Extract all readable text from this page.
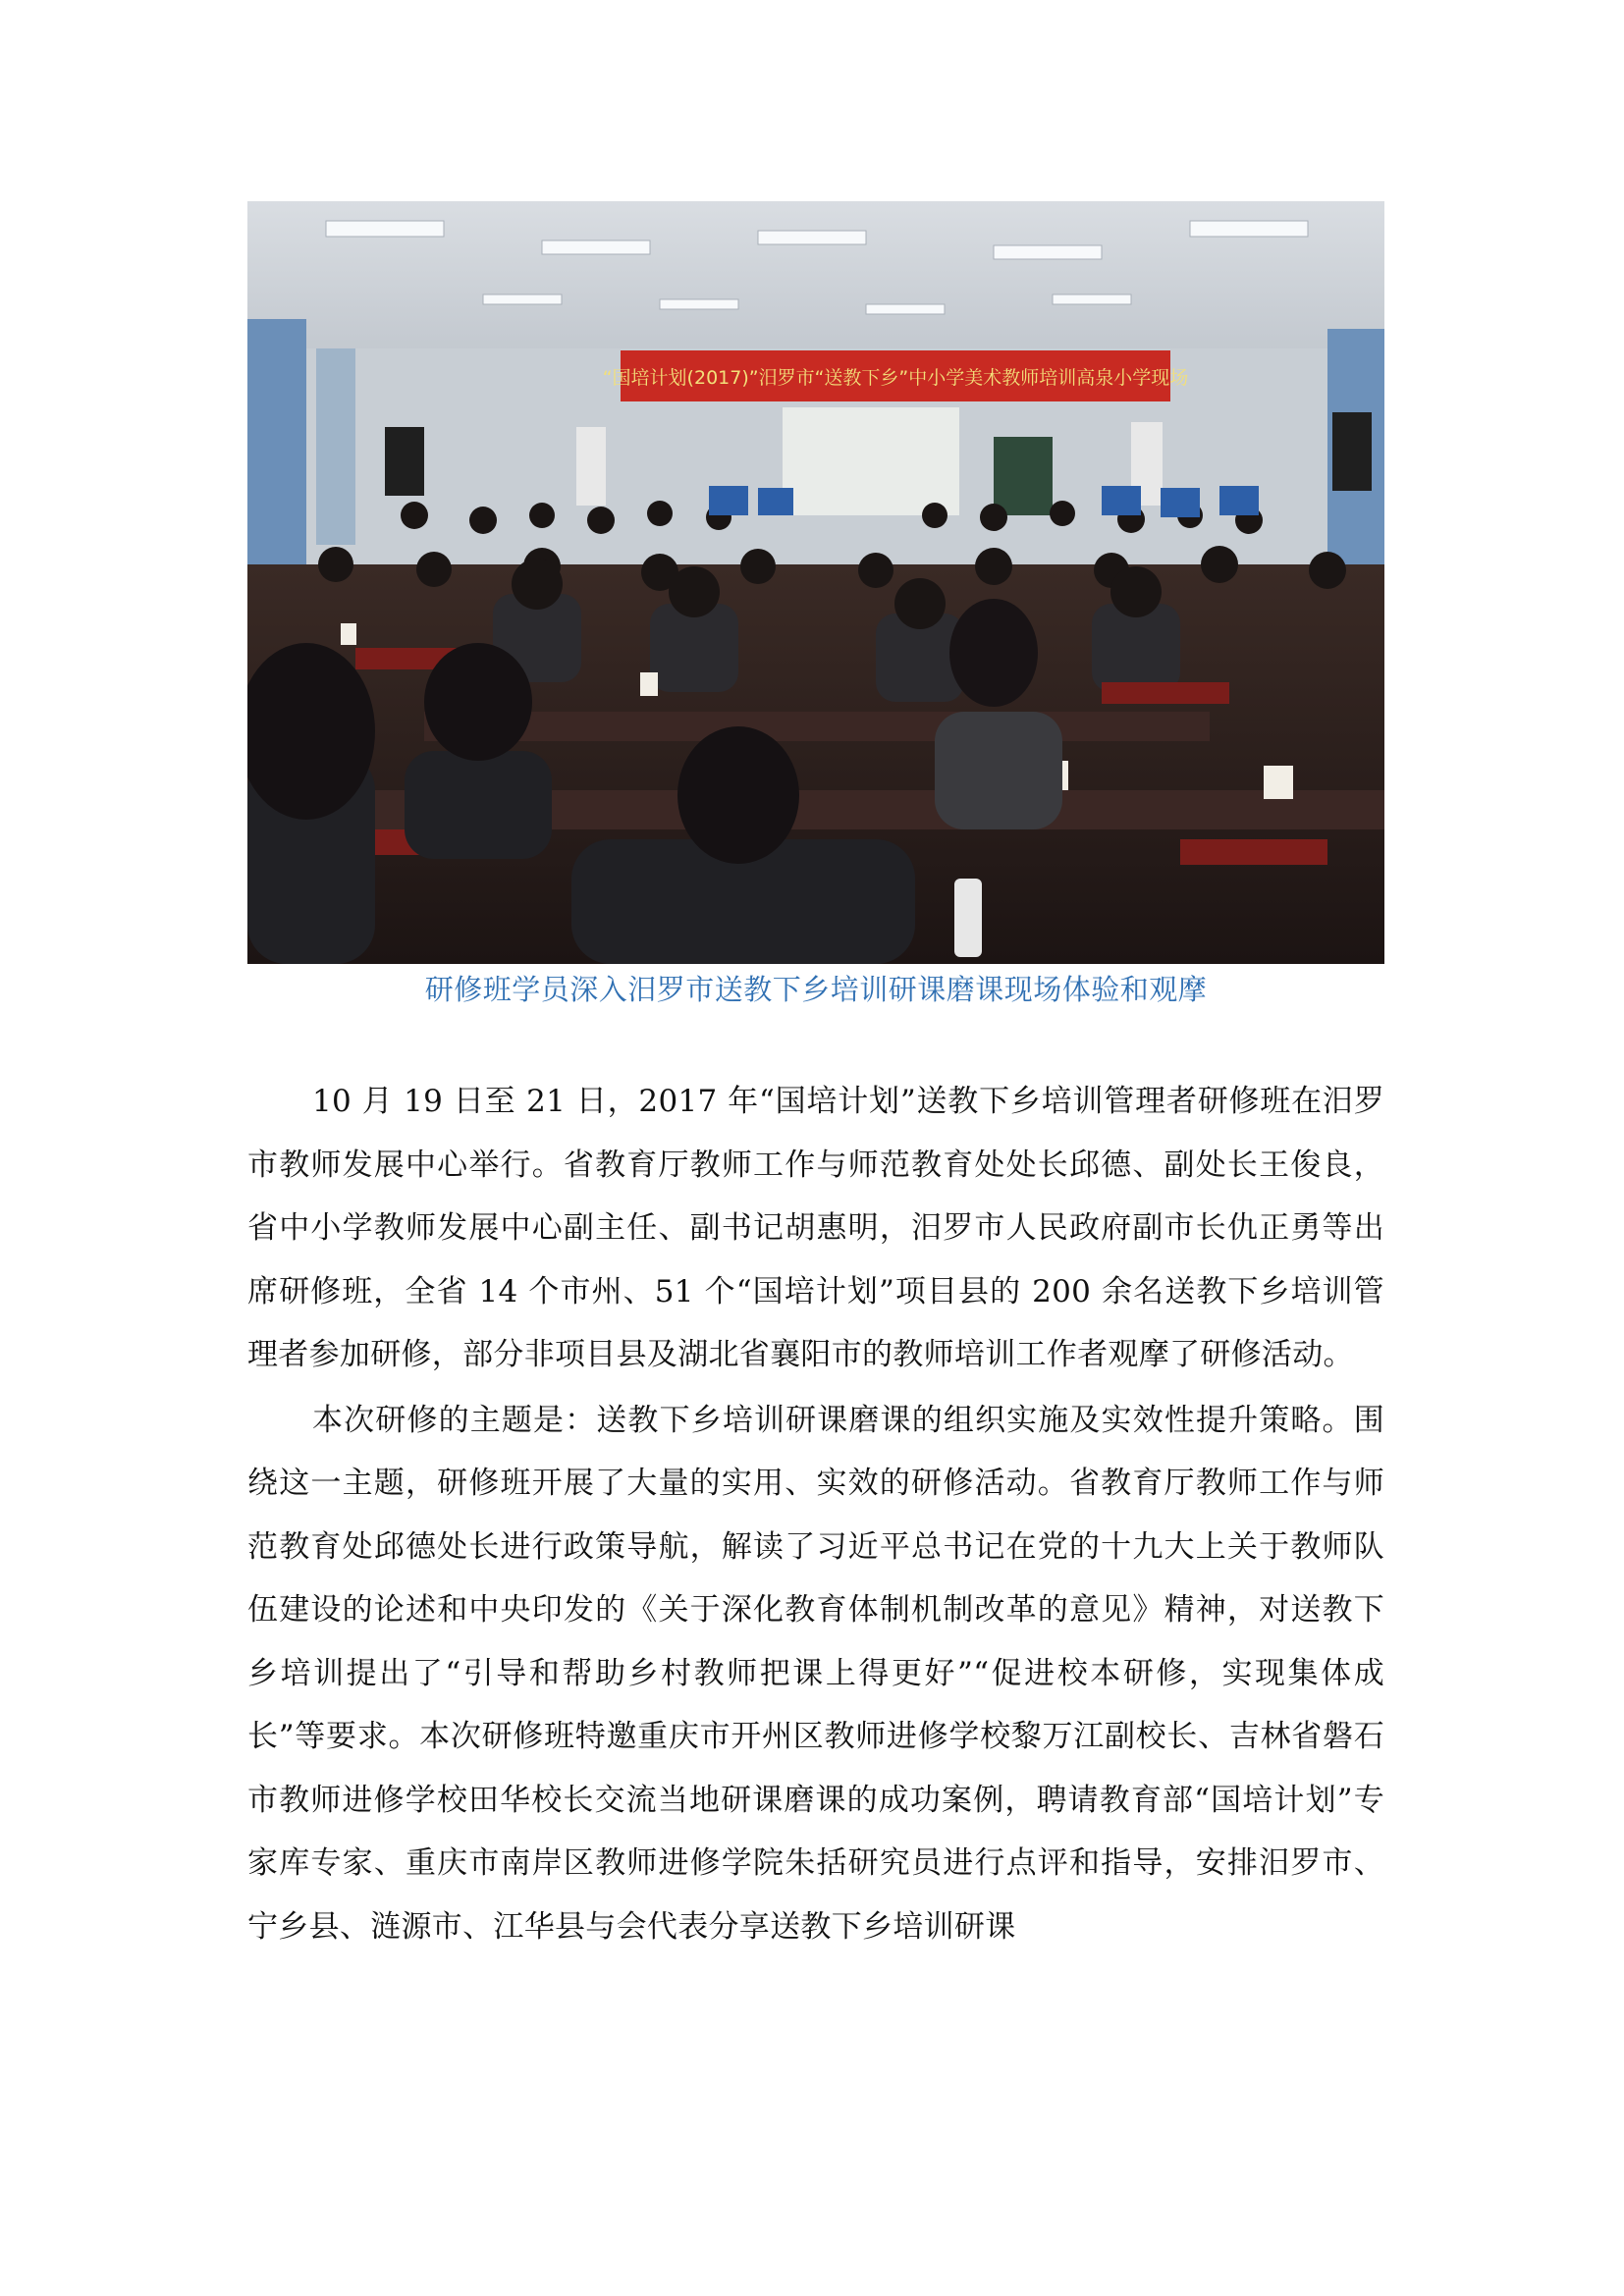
“国培计划(2017)”汨罗市“送教下乡”中小学美术教师培训高泉小学现场
研修班学员深入汨罗市送教下乡培训研课磨课现场体验和观摩

10 月 19 日至 21 日，2017 年“国培计划”送教下乡培训管理者研修班在汨罗市教师发展中心举行。省教育厅教师工作与师范教育处处长邱德、副处长王俊良，省中小学教师发展中心副主任、副书记胡惠明，汨罗市人民政府副市长仇正勇等出席研修班，全省 14 个市州、51 个“国培计划”项目县的 200 余名送教下乡培训管理者参加研修，部分非项目县及湖北省襄阳市的教师培训工作者观摩了研修活动。

本次研修的主题是：送教下乡培训研课磨课的组织实施及实效性提升策略。围绕这一主题，研修班开展了大量的实用、实效的研修活动。省教育厅教师工作与师范教育处邱德处长进行政策导航，解读了习近平总书记在党的十九大上关于教师队伍建设的论述和中央印发的《关于深化教育体制机制改革的意见》精神，对送教下乡培训提出了“引导和帮助乡村教师把课上得更好”“促进校本研修，实现集体成长”等要求。本次研修班特邀重庆市开州区教师进修学校黎万江副校长、吉林省磐石市教师进修学校田华校长交流当地研课磨课的成功案例，聘请教育部“国培计划”专家库专家、重庆市南岸区教师进修学院朱括研究员进行点评和指导，安排汨罗市、宁乡县、涟源市、江华县与会代表分享送教下乡培训研课
